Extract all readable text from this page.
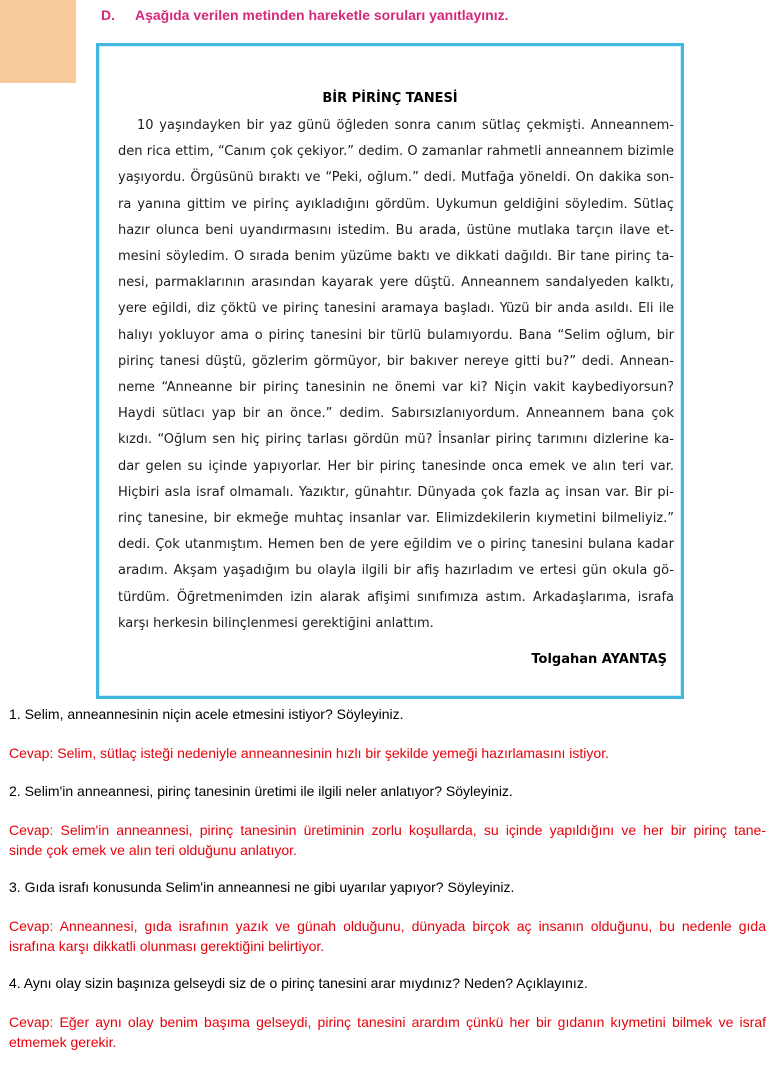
D. Aşağıda verilen metinden hareketle soruları yanıtlayınız.
BİR PİRİNÇ TANESİ
10 yaşındayken bir yaz günü öğleden sonra canım sütlaç çekmişti. Anneannem-
den rica ettim, “Canım çok çekiyor.” dedim. O zamanlar rahmetli anneannem bizimle
yaşıyordu. Örgüsünü bıraktı ve “Peki, oğlum.” dedi. Mutfağa yöneldi. On dakika son-
ra yanına gittim ve pirinç ayıkladığını gördüm. Uykumun geldiğini söyledim. Sütlaç
hazır olunca beni uyandırmasını istedim. Bu arada, üstüne mutlaka tarçın ilave et-
mesini söyledim. O sırada benim yüzüme baktı ve dikkati dağıldı. Bir tane pirinç ta-
nesi, parmaklarının arasından kayarak yere düştü. Anneannem sandalyeden kalktı,
yere eğildi, diz çöktü ve pirinç tanesini aramaya başladı. Yüzü bir anda asıldı. Eli ile
halıyı yokluyor ama o pirinç tanesini bir türlü bulamıyordu. Bana “Selim oğlum, bir
pirinç tanesi düştü, gözlerim görmüyor, bir bakıver nereye gitti bu?” dedi. Annean-
neme “Anneanne bir pirinç tanesinin ne önemi var ki? Niçin vakit kaybediyorsun?
Haydi sütlacı yap bir an önce.” dedim. Sabırsızlanıyordum. Anneannem bana çok
kızdı. “Oğlum sen hiç pirinç tarlası gördün mü? İnsanlar pirinç tarımını dizlerine ka-
dar gelen su içinde yapıyorlar. Her bir pirinç tanesinde onca emek ve alın teri var.
Hiçbiri asla israf olmamalı. Yazıktır, günahtır. Dünyada çok fazla aç insan var. Bir pi-
rinç tanesine, bir ekmeğe muhtaç insanlar var. Elimizdekilerin kıymetini bilmeliyiz.”
dedi. Çok utanmıştım. Hemen ben de yere eğildim ve o pirinç tanesini bulana kadar
aradım. Akşam yaşadığım bu olayla ilgili bir afiş hazırladım ve ertesi gün okula gö-
türdüm. Öğretmenimden izin alarak afişimi sınıfımıza astım. Arkadaşlarıma, israfa
karşı herkesin bilinçlenmesi gerektiğini anlattım.
Tolgahan AYANTAŞ
1. Selim, anneannesinin niçin acele etmesini istiyor? Söyleyiniz.
Cevap: Selim, sütlaç isteği nedeniyle anneannesinin hızlı bir şekilde yemeği hazırlamasını istiyor.
2. Selim'in anneannesi, pirinç tanesinin üretimi ile ilgili neler anlatıyor? Söyleyiniz.
Cevap: Selim'in anneannesi, pirinç tanesinin üretiminin zorlu koşullarda, su içinde yapıldığını ve her bir pirinç tane-
sinde çok emek ve alın teri olduğunu anlatıyor.
3. Gıda israfı konusunda Selim'in anneannesi ne gibi uyarılar yapıyor? Söyleyiniz.
Cevap: Anneannesi, gıda israfının yazık ve günah olduğunu, dünyada birçok aç insanın olduğunu, bu nedenle gıda
israfına karşı dikkatli olunması gerektiğini belirtiyor.
4. Aynı olay sizin başınıza gelseydi siz de o pirinç tanesini arar mıydınız? Neden? Açıklayınız.
Cevap: Eğer aynı olay benim başıma gelseydi, pirinç tanesini arardım çünkü her bir gıdanın kıymetini bilmek ve israf
etmemek gerekir.
